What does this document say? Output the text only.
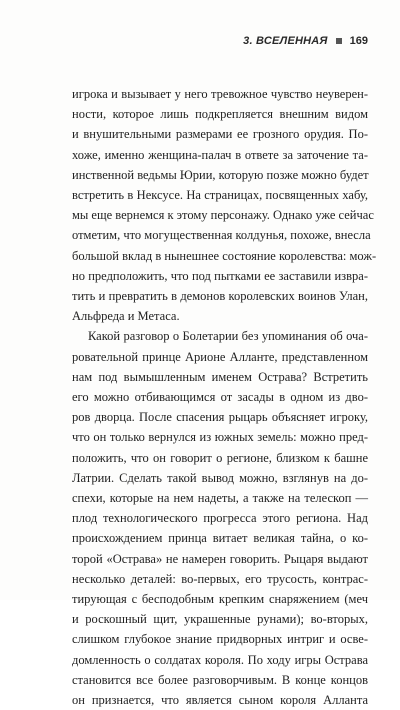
3. ВСЕЛЕННАЯ 169

игрока и вызывает у него тревожное чувство неуверен-
ности, которое лишь подкрепляется внешним видом
и внушительными размерами ее грозного орудия. По-
хоже, именно женщина-палач в ответе за заточение та-
инственной ведьмы Юрии, которую позже можно будет
встретить в Нексусе. На страницах, посвященных хабу,
мы еще вернемся к этому персонажу. Однако уже сейчас
отметим, что могущественная колдунья, похоже, внесла
большой вклад в нынешнее состояние королевства: мож-
но предположить, что под пытками ее заставили извра-
тить и превратить в демонов королевских воинов Улан,
Альфреда и Метаса.

Какой разговор о Болетарии без упоминания об оча-
ровательной принце Арионе Алланте, представленном
нам под вымышленным именем Острава? Встретить
его можно отбивающимся от засады в одном из дво-
ров дворца. После спасения рыцарь объясняет игроку,
что он только вернулся из южных земель: можно пред-
положить, что он говорит о регионе, близком к башне
Латрии. Сделать такой вывод можно, взглянув на до-
спехи, которые на нем надеты, а также на телескоп —
плод технологического прогресса этого региона. Над
происхождением принца витает великая тайна, о ко-
торой «Острава» не намерен говорить. Рыцаря выдают
несколько деталей: во-первых, его трусость, контрас-
тирующая с бесподобным крепким снаряжением (меч
и роскошный щит, украшенные рунами); во-вторых,
слишком глубокое знание придворных интриг и осве-
домленность о солдатах короля. По ходу игры Острава
становится все более разговорчивым. В конце концов
он признается, что является сыном короля Алланта
